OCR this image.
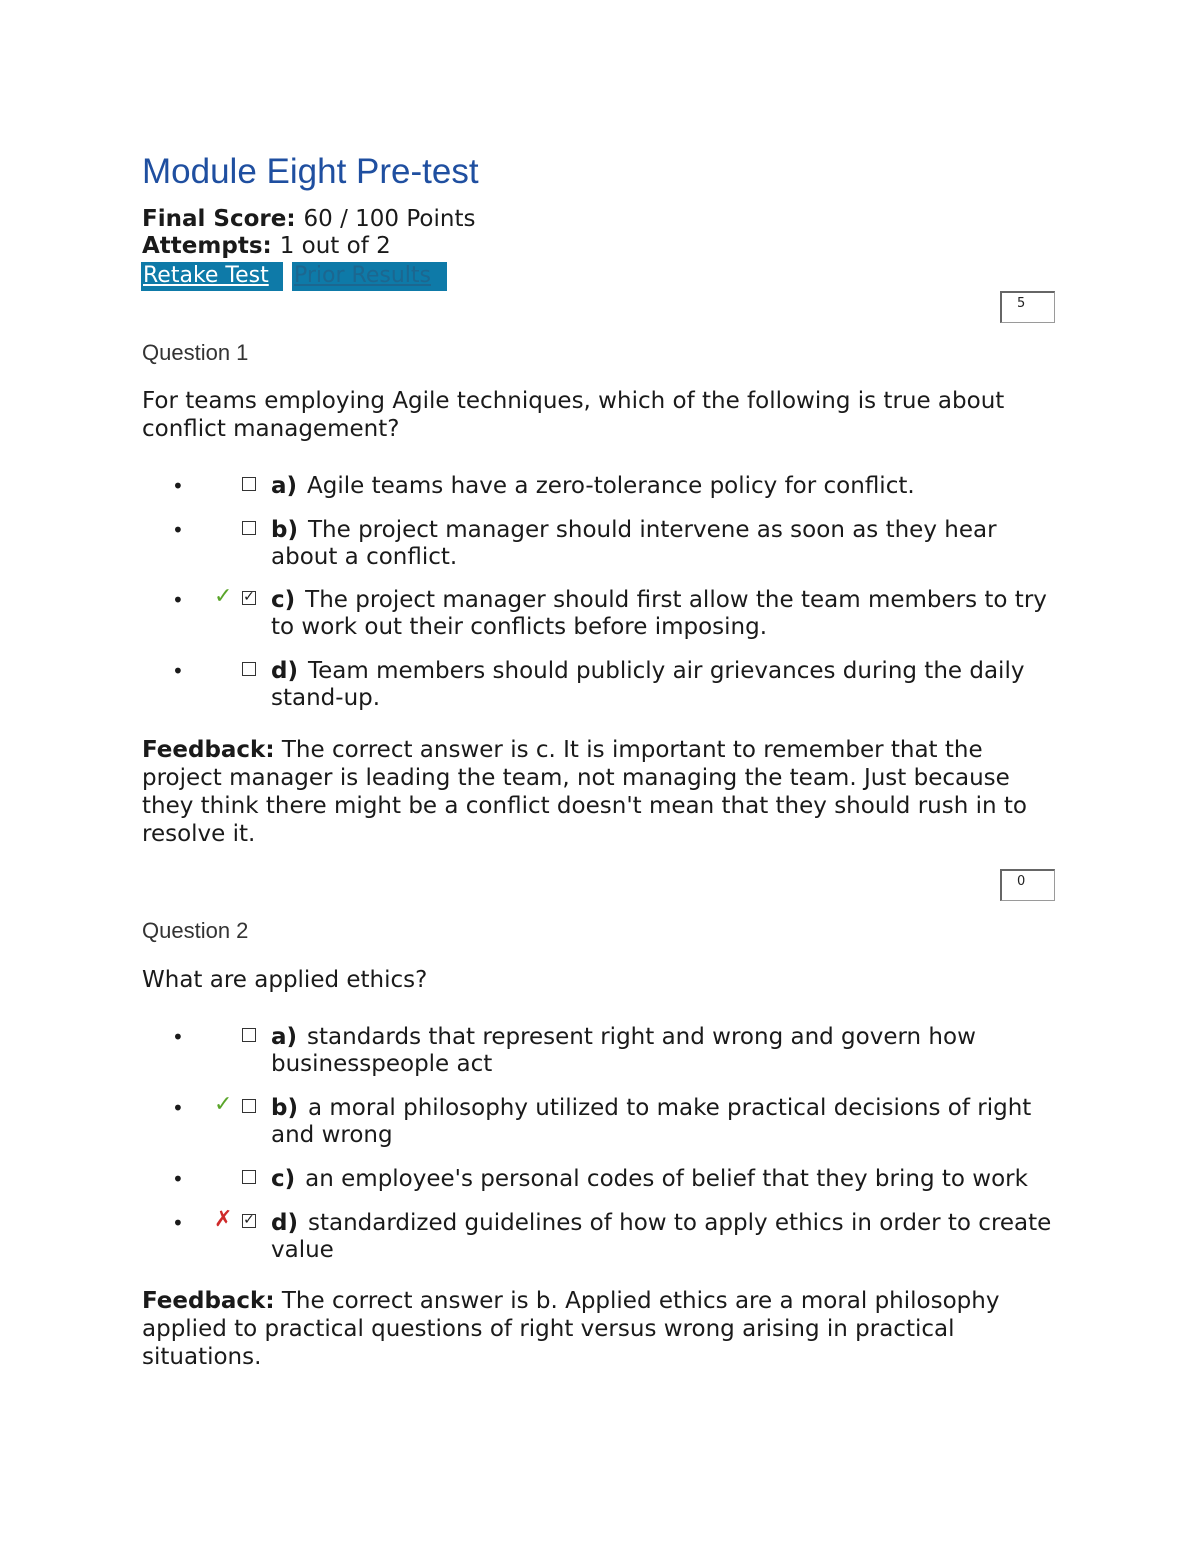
Module Eight Pre-test
Final Score: 60 / 100 Points
Attempts: 1 out of 2
Retake Test	Prior Results
5
Question 1
For teams employing Agile techniques, which of the following is true about conflict management?
•	a) Agile teams have a zero-tolerance policy for conflict.
•	b) The project manager should intervene as soon as they hear about a conflict.
• ✓ ✓ c) The project manager should first allow the team members to try to work out their conflicts before imposing.
•	d) Team members should publicly air grievances during the daily stand-up.
Feedback: The correct answer is c. It is important to remember that the project manager is leading the team, not managing the team. Just because they think there might be a conflict doesn't mean that they should rush in to resolve it.
0
Question 2
What are applied ethics?
•	a) standards that represent right and wrong and govern how businesspeople act
• ✓ b) a moral philosophy utilized to make practical decisions of right and wrong
•	c) an employee's personal codes of belief that they bring to work
• ✗ ✓ d) standardized guidelines of how to apply ethics in order to create value
Feedback: The correct answer is b. Applied ethics are a moral philosophy applied to practical questions of right versus wrong arising in practical situations.
